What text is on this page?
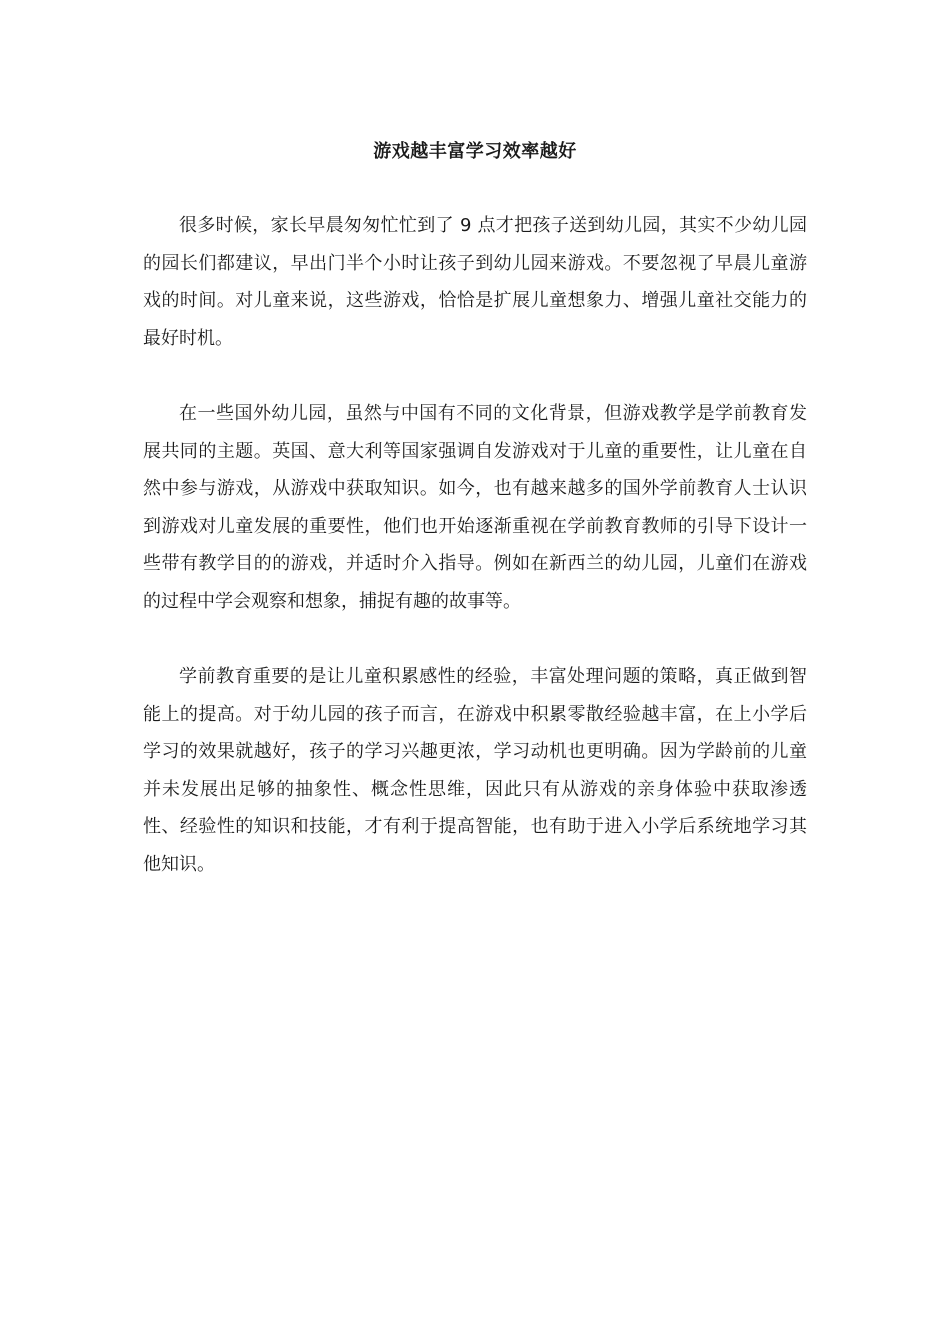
游戏越丰富学习效率越好

很多时候，家长早晨匆匆忙忙到了 9 点才把孩子送到幼儿园，其实不少幼儿园的园长们都建议，早出门半个小时让孩子到幼儿园来游戏。不要忽视了早晨儿童游戏的时间。对儿童来说，这些游戏，恰恰是扩展儿童想象力、增强儿童社交能力的最好时机。

在一些国外幼儿园，虽然与中国有不同的文化背景，但游戏教学是学前教育发展共同的主题。英国、意大利等国家强调自发游戏对于儿童的重要性，让儿童在自然中参与游戏，从游戏中获取知识。如今，也有越来越多的国外学前教育人士认识到游戏对儿童发展的重要性，他们也开始逐渐重视在学前教育教师的引导下设计一些带有教学目的的游戏，并适时介入指导。例如在新西兰的幼儿园，儿童们在游戏的过程中学会观察和想象，捕捉有趣的故事等。

学前教育重要的是让儿童积累感性的经验，丰富处理问题的策略，真正做到智能上的提高。对于幼儿园的孩子而言，在游戏中积累零散经验越丰富，在上小学后学习的效果就越好，孩子的学习兴趣更浓，学习动机也更明确。因为学龄前的儿童并未发展出足够的抽象性、概念性思维，因此只有从游戏的亲身体验中获取渗透性、经验性的知识和技能，才有利于提高智能，也有助于进入小学后系统地学习其他知识。
